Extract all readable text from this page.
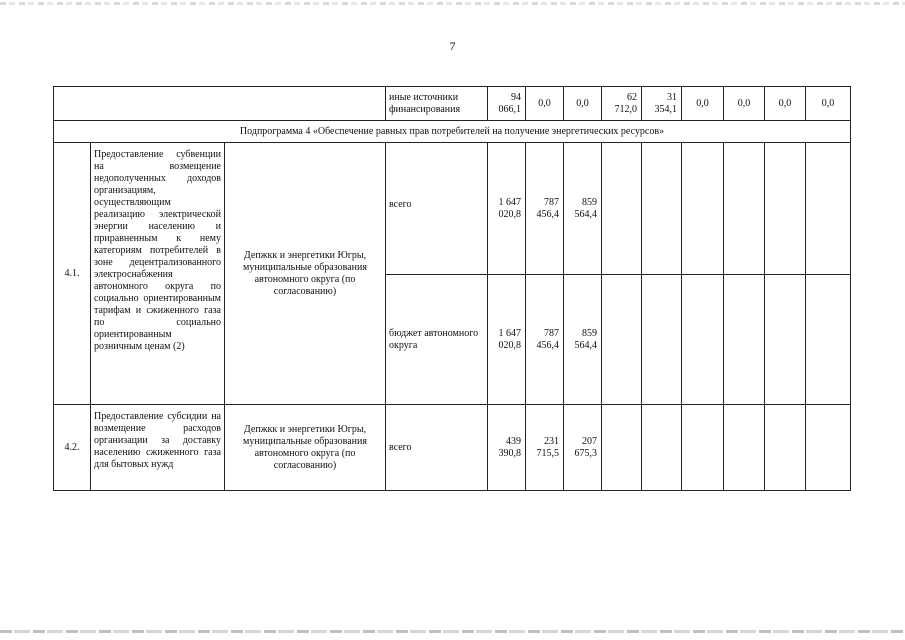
7
			иные источники финансирования	94 066,1	0,0	0,0	62 712,0	31 354,1	0,0	0,0	0,0	0,0
Подпрограмма 4 «Обеспечение равных прав потребителей на получение энергетических ресурсов»												
4.1.	Предоставление субвенции на возмещение недополученных доходов организациям, осуществляющим реализацию электрической энергии населению и приравненным к нему категориям потребителей в зоне децентрализованного электроснабжения автономного округа по социально ориентированным тарифам и сжиженного газа по социально ориентированным розничным ценам (2)	Депжкк и энергетики Югры, муниципальные образования автономного округа (по согласованию)	всего	1 647 020,8	787 456,4	859 564,4						
			бюджет автономного округа	1 647 020,8	787 456,4	859 564,4						
4.2.	Предоставление субсидии на возмещение расходов организации за доставку населению сжиженного газа для бытовых нужд	Депжкк и энергетики Югры, муниципальные образования автономного округа (по согласованию)	всего	439 390,8	231 715,5	207 675,3						
